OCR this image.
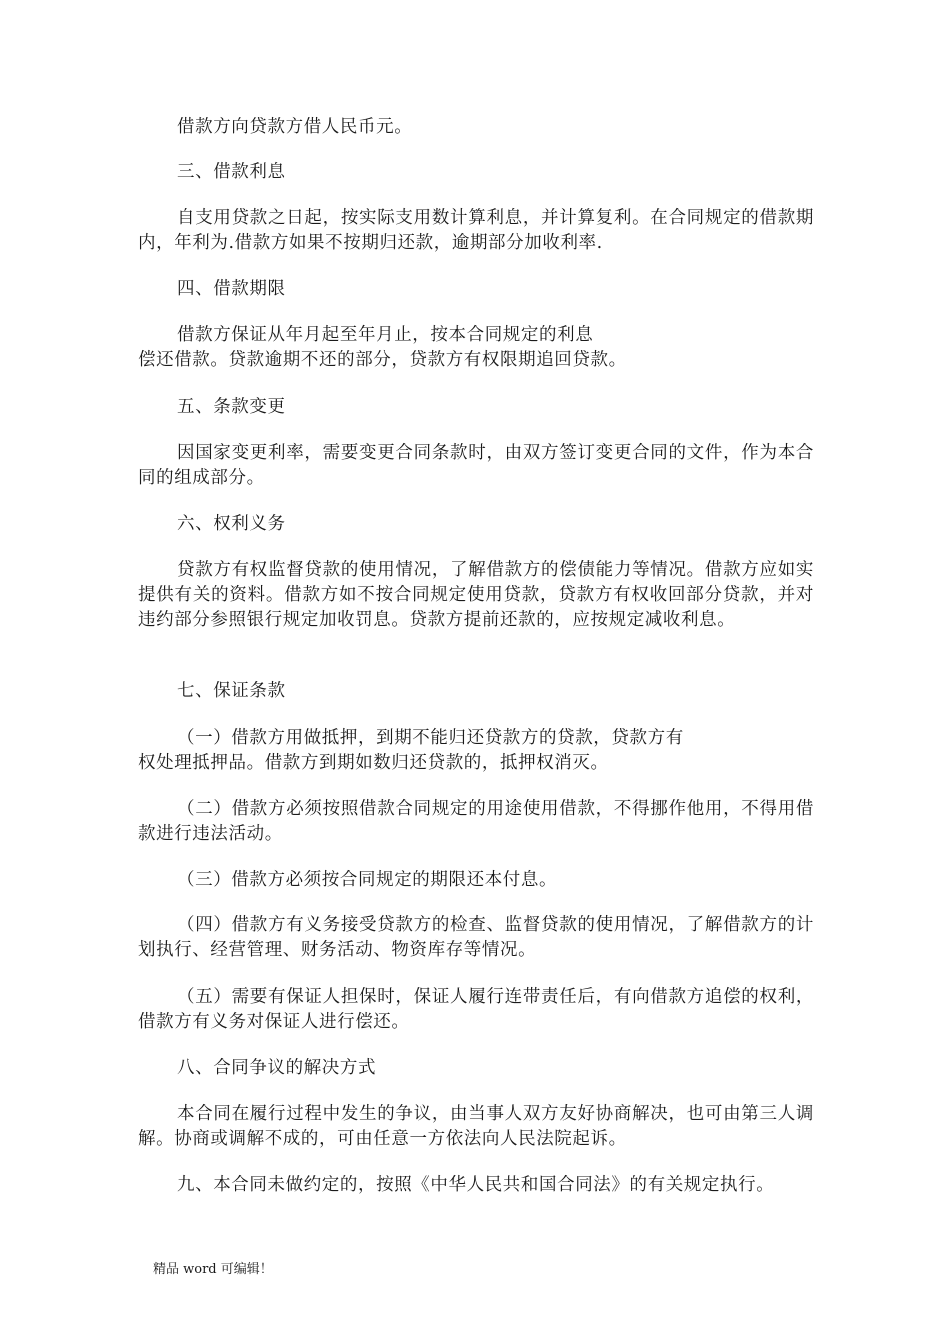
借款方向贷款方借人民币元。

三、借款利息

自支用贷款之日起，按实际支用数计算利息，并计算复利。在合同规定的借款期内，年利为.借款方如果不按期归还款，逾期部分加收利率.

四、借款期限

借款方保证从年月起至年月止，按本合同规定的利息
偿还借款。贷款逾期不还的部分，贷款方有权限期追回贷款。

五、条款变更

因国家变更利率，需要变更合同条款时，由双方签订变更合同的文件，作为本合同的组成部分。

六、权利义务

贷款方有权监督贷款的使用情况，了解借款方的偿债能力等情况。借款方应如实提供有关的资料。借款方如不按合同规定使用贷款，贷款方有权收回部分贷款，并对违约部分参照银行规定加收罚息。贷款方提前还款的，应按规定减收利息。

七、保证条款

（一）借款方用做抵押，到期不能归还贷款方的贷款，贷款方有
权处理抵押品。借款方到期如数归还贷款的，抵押权消灭。

（二）借款方必须按照借款合同规定的用途使用借款，不得挪作他用，不得用借款进行违法活动。

（三）借款方必须按合同规定的期限还本付息。

（四）借款方有义务接受贷款方的检查、监督贷款的使用情况，了解借款方的计划执行、经营管理、财务活动、物资库存等情况。

（五）需要有保证人担保时，保证人履行连带责任后，有向借款方追偿的权利，借款方有义务对保证人进行偿还。

八、合同争议的解决方式

本合同在履行过程中发生的争议，由当事人双方友好协商解决，也可由第三人调解。协商或调解不成的，可由任意一方依法向人民法院起诉。

九、本合同未做约定的，按照《中华人民共和国合同法》的有关规定执行。

精品 word 可编辑！
